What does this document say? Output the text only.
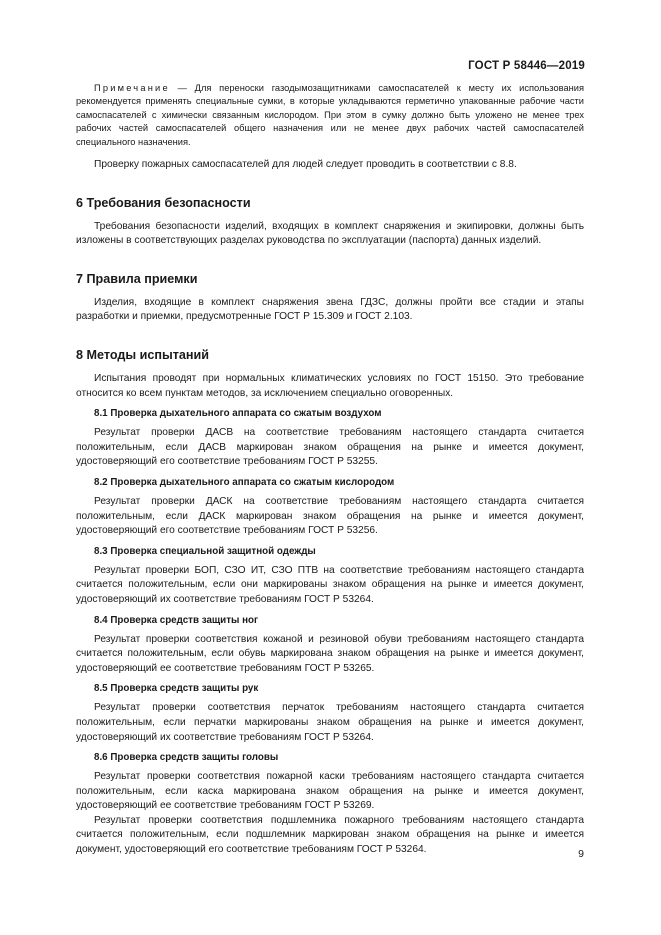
ГОСТ Р 58446—2019

Примечание — Для переноски газодымозащитниками самоспасателей к месту их использования рекомендуется применять специальные сумки, в которые укладываются герметично упакованные рабочие части самоспасателей с химически связанным кислородом. При этом в сумку должно быть уложено не менее трех рабочих частей самоспасателей общего назначения или не менее двух рабочих частей самоспасателей специального назначения.

Проверку пожарных самоспасателей для людей следует проводить в соответствии с 8.8.

6 Требования безопасности

Требования безопасности изделий, входящих в комплект снаряжения и экипировки, должны быть изложены в соответствующих разделах руководства по эксплуатации (паспорта) данных изделий.

7 Правила приемки

Изделия, входящие в комплект снаряжения звена ГДЗС, должны пройти все стадии и этапы разработки и приемки, предусмотренные ГОСТ Р 15.309 и ГОСТ 2.103.

8 Методы испытаний

Испытания проводят при нормальных климатических условиях по ГОСТ 15150. Это требование относится ко всем пунктам методов, за исключением специально оговоренных.

8.1 Проверка дыхательного аппарата со сжатым воздухом

Результат проверки ДАСВ на соответствие требованиям настоящего стандарта считается положительным, если ДАСВ маркирован знаком обращения на рынке и имеется документ, удостоверяющий его соответствие требованиям ГОСТ Р 53255.

8.2 Проверка дыхательного аппарата со сжатым кислородом

Результат проверки ДАСК на соответствие требованиям настоящего стандарта считается положительным, если ДАСК маркирован знаком обращения на рынке и имеется документ, удостоверяющий его соответствие требованиям ГОСТ Р 53256.

8.3 Проверка специальной защитной одежды

Результат проверки БОП, СЗО ИТ, СЗО ПТВ на соответствие требованиям настоящего стандарта считается положительным, если они маркированы знаком обращения на рынке и имеется документ, удостоверяющий их соответствие требованиям ГОСТ Р 53264.

8.4 Проверка средств защиты ног

Результат проверки соответствия кожаной и резиновой обуви требованиям настоящего стандарта считается положительным, если обувь маркирована знаком обращения на рынке и имеется документ, удостоверяющий ее соответствие требованиям ГОСТ Р 53265.

8.5 Проверка средств защиты рук

Результат проверки соответствия перчаток требованиям настоящего стандарта считается положительным, если перчатки маркированы знаком обращения на рынке и имеется документ, удостоверяющий их соответствие требованиям ГОСТ Р 53264.

8.6 Проверка средств защиты головы

Результат проверки соответствия пожарной каски требованиям настоящего стандарта считается положительным, если каска маркирована знаком обращения на рынке и имеется документ, удостоверяющий ее соответствие требованиям ГОСТ Р 53269.

Результат проверки соответствия подшлемника пожарного требованиям настоящего стандарта считается положительным, если подшлемник маркирован знаком обращения на рынке и имеется документ, удостоверяющий его соответствие требованиям ГОСТ Р 53264.	9
